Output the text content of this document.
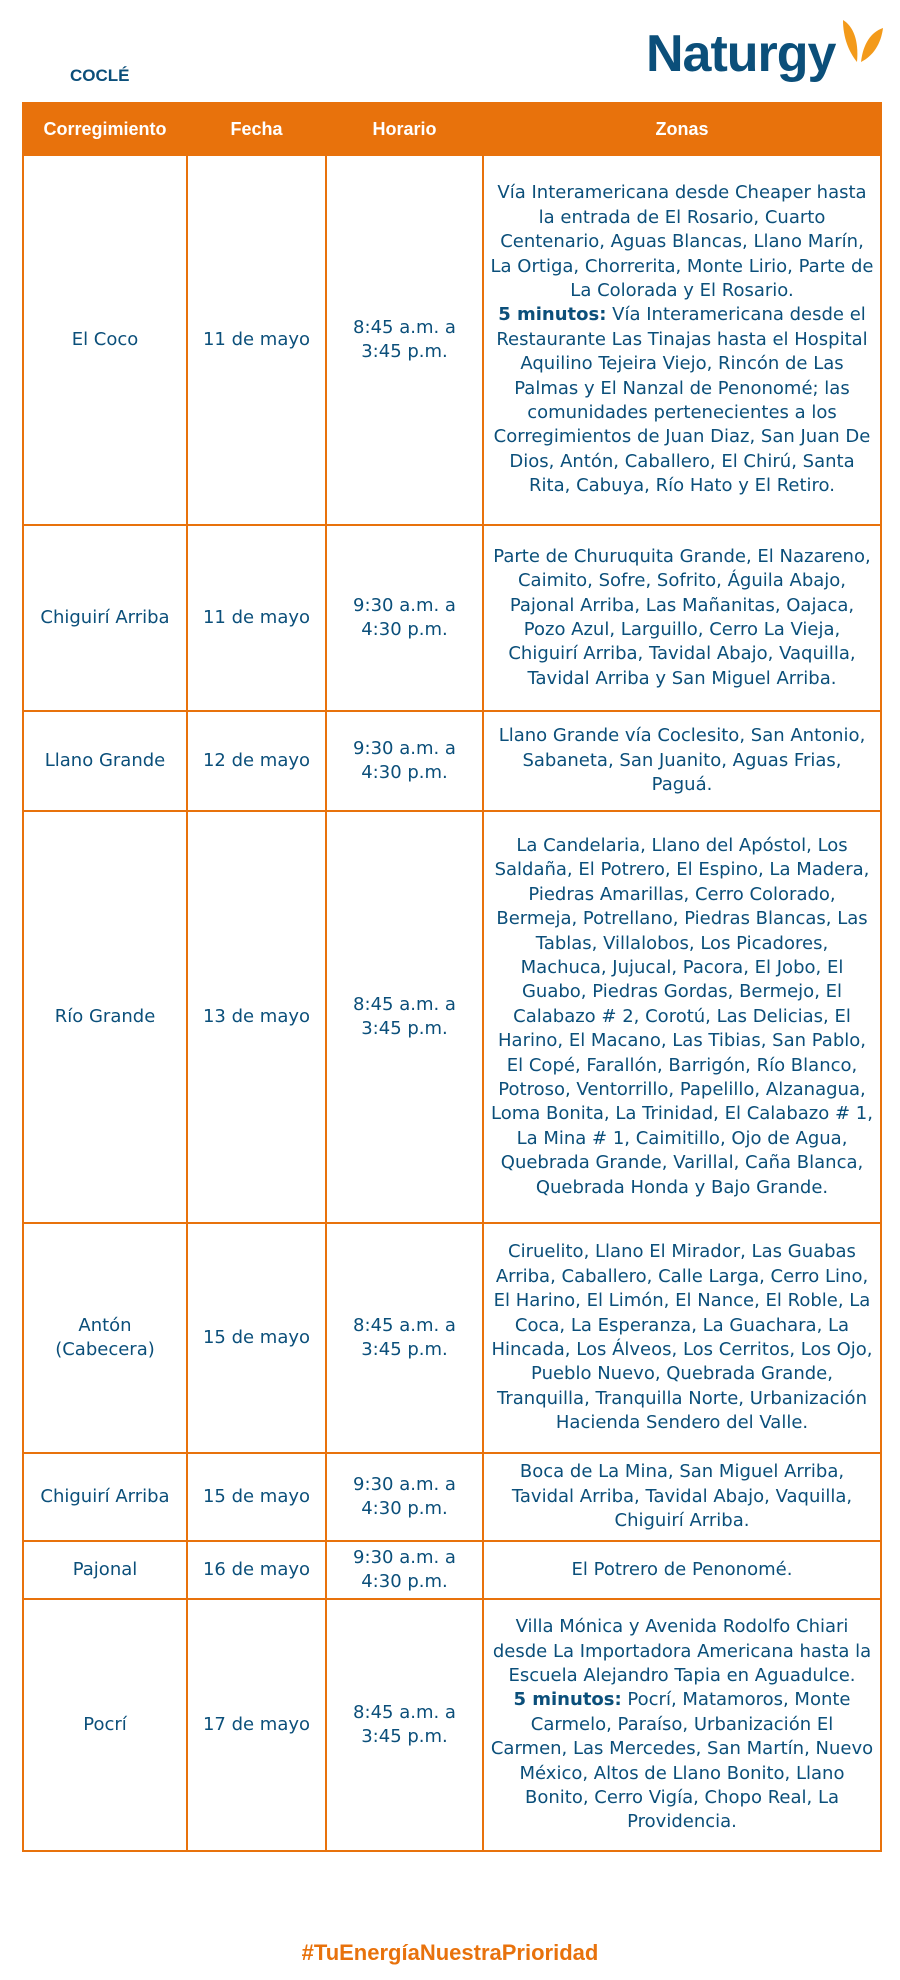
COCLÉ	Naturgy
Corregimiento	Fecha	Horario	Zonas
El Coco	11 de mayo	8:45 a.m. a 3:45 p.m.	Vía Interamericana desde Cheaper hasta la entrada de El Rosario, Cuarto Centenario, Aguas Blancas, Llano Marín, La Ortiga, Chorrerita, Monte Lirio, Parte de La Colorada y El Rosario.
5 minutos: Vía Interamericana desde el Restaurante Las Tinajas hasta el Hospital Aquilino Tejeira Viejo, Rincón de Las Palmas y El Nanzal de Penonomé; las comunidades pertenecientes a los Corregimientos de Juan Diaz, San Juan De Dios, Antón, Caballero, El Chirú, Santa Rita, Cabuya, Río Hato y El Retiro.
Chiguirí Arriba	11 de mayo	9:30 a.m. a 4:30 p.m.	Parte de Churuquita Grande, El Nazareno, Caimito, Sofre, Sofrito, Águila Abajo, Pajonal Arriba, Las Mañanitas, Oajaca, Pozo Azul, Larguillo, Cerro La Vieja, Chiguirí Arriba, Tavidal Abajo, Vaquilla, Tavidal Arriba y San Miguel Arriba.
Llano Grande	12 de mayo	9:30 a.m. a 4:30 p.m.	Llano Grande vía Coclesito, San Antonio, Sabaneta, San Juanito, Aguas Frias, Paguá.
Río Grande	13 de mayo	8:45 a.m. a 3:45 p.m.	La Candelaria, Llano del Apóstol, Los Saldaña, El Potrero, El Espino, La Madera, Piedras Amarillas, Cerro Colorado, Bermeja, Potrellano, Piedras Blancas, Las Tablas, Villalobos, Los Picadores, Machuca, Jujucal, Pacora, El Jobo, El Guabo, Piedras Gordas, Bermejo, El Calabazo # 2, Corotú, Las Delicias, El Harino, El Macano, Las Tibias, San Pablo, El Copé, Farallón, Barrigón, Río Blanco, Potroso, Ventorrillo, Papelillo, Alzanagua, Loma Bonita, La Trinidad, El Calabazo # 1, La Mina # 1, Caimitillo, Ojo de Agua, Quebrada Grande, Varillal, Caña Blanca, Quebrada Honda y Bajo Grande.
Antón (Cabecera)	15 de mayo	8:45 a.m. a 3:45 p.m.	Ciruelito, Llano El Mirador, Las Guabas Arriba, Caballero, Calle Larga, Cerro Lino, El Harino, El Limón, El Nance, El Roble, La Coca, La Esperanza, La Guachara, La Hincada, Los Álveos, Los Cerritos, Los Ojo, Pueblo Nuevo, Quebrada Grande, Tranquilla, Tranquilla Norte, Urbanización Hacienda Sendero del Valle.
Chiguirí Arriba	15 de mayo	9:30 a.m. a 4:30 p.m.	Boca de La Mina, San Miguel Arriba, Tavidal Arriba, Tavidal Abajo, Vaquilla, Chiguirí Arriba.
Pajonal	16 de mayo	9:30 a.m. a 4:30 p.m.	El Potrero de Penonomé.
Pocrí	17 de mayo	8:45 a.m. a 3:45 p.m.	Villa Mónica y Avenida Rodolfo Chiari desde La Importadora Americana hasta la Escuela Alejandro Tapia en Aguadulce.
5 minutos: Pocrí, Matamoros, Monte Carmelo, Paraíso, Urbanización El Carmen, Las Mercedes, San Martín, Nuevo México, Altos de Llano Bonito, Llano Bonito, Cerro Vigía, Chopo Real, La Providencia.
#TuEnergíaNuestraPrioridad
